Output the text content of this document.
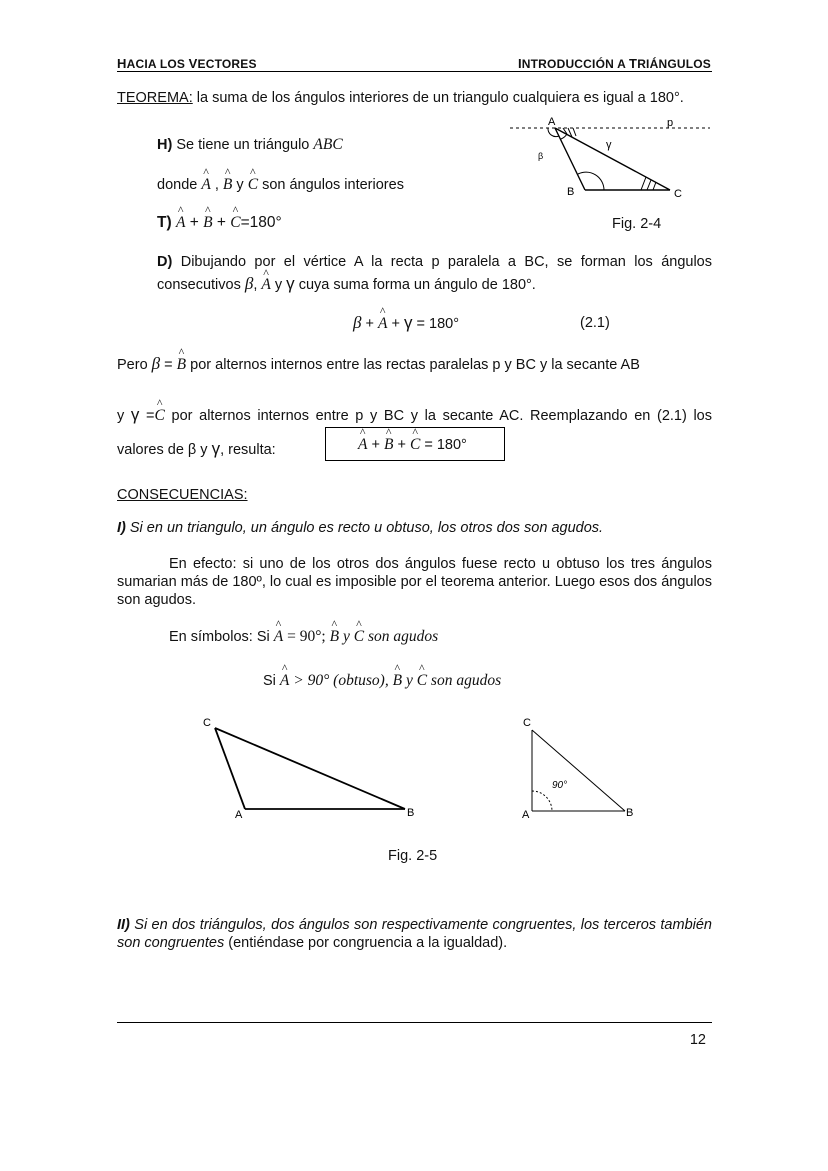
HACIA LOS VECTORES	INTRODUCCIÓN A TRIÁNGULOS
TEOREMA: la suma de los ángulos interiores de un triangulo cualquiera es igual a 180°.
H) Se tiene un triángulo ABC
donde ^ A , ^ B y ^ C son ángulos interiores
T) ^ A + ^ B + ^ C=180°
A	p
β
γ
B	C
Fig. 2-4
D) Dibujando por el vértice A la recta p paralela a BC, se forman los ángulos
consecutivos β, ^ A y γ cuya suma forma un ángulo de 180°.
β + ^ A + γ = 180°	(2.1)
Pero β = ^ B por alternos internos entre las rectas paralelas p y BC y la secante AB
y γ =^ C por alternos internos entre p y BC y la secante AC. Reemplazando en (2.1) los
valores de β y γ, resulta:	^ A + ^ B + ^ C = 180°
CONSECUENCIAS:
I) Si en un triangulo, un ángulo es recto u obtuso, los otros dos son agudos.
En efecto: si uno de los otros dos ángulos fuese recto u obtuso los tres ángulos sumarian más de 180º, lo cual es imposible por el teorema anterior. Luego esos dos ángulos son agudos.
En símbolos: Si ^ A = 90°; ^ B y ^ C son agudos
Si ^ A > 90° (obtuso), ^ B y ^ C son agudos
C
A	B
90°
C
A	B
Fig. 2-5
II) Si en dos triángulos, dos ángulos son respectivamente congruentes, los terceros también son congruentes (entiéndase por congruencia a la igualdad).
12
